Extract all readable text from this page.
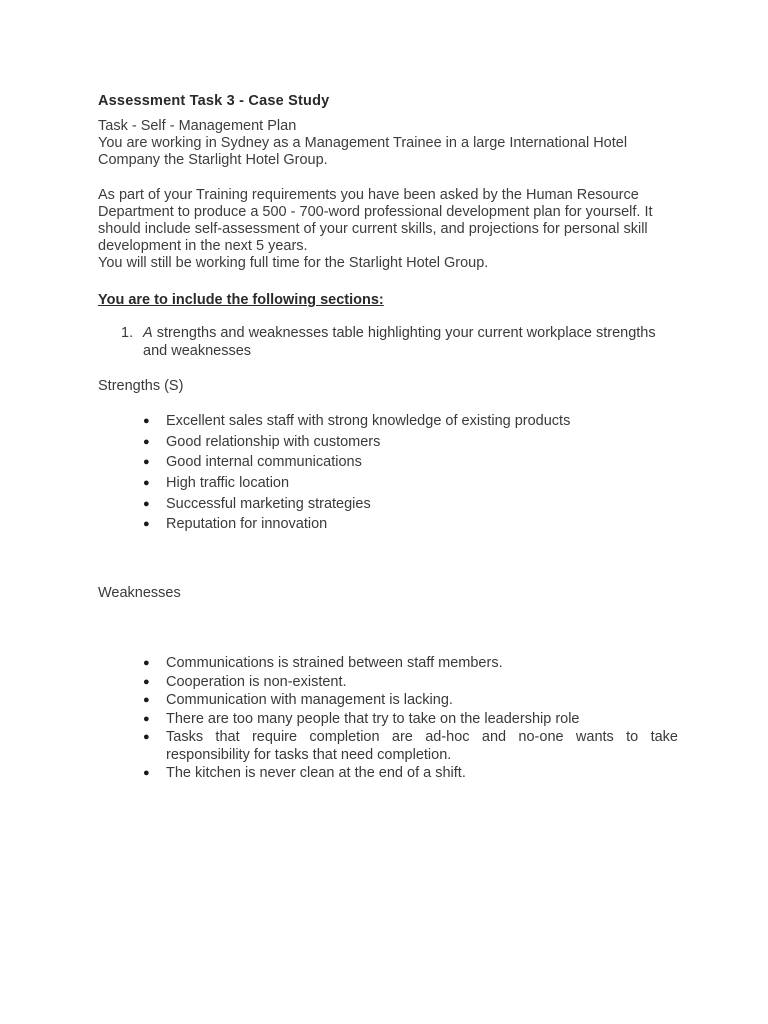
Assessment Task 3 - Case Study
Task - Self - Management Plan
You are working in Sydney as a Management Trainee in a large International Hotel
Company the Starlight Hotel Group.
As part of your Training requirements you have been asked by the Human Resource
Department to produce a 500 - 700-word professional development plan for yourself. It
should include self-assessment of your current skills, and projections for personal skill
development in the next 5 years.
You will still be working full time for the Starlight Hotel Group.
You are to include the following sections:
1. A strengths and weaknesses table highlighting your current workplace strengths
and weaknesses
Strengths (S)
● Excellent sales staff with strong knowledge of existing products
● Good relationship with customers
● Good internal communications
● High traffic location
● Successful marketing strategies
● Reputation for innovation
Weaknesses
● Communications is strained between staff members.
● Cooperation is non-existent.
● Communication with management is lacking.
● There are too many people that try to take on the leadership role
● Tasks that require completion are ad-hoc and no-one wants to take
responsibility for tasks that need completion.
● The kitchen is never clean at the end of a shift.
